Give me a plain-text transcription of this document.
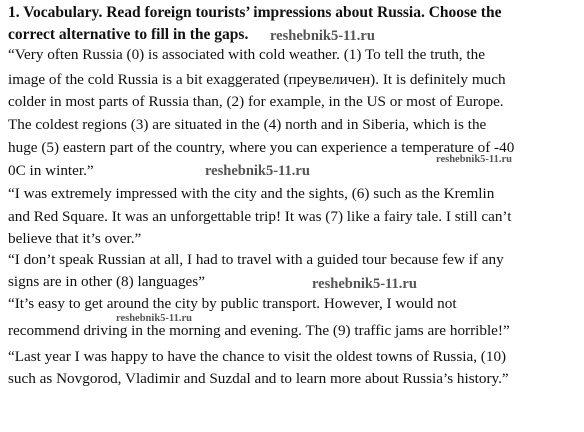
1. Vocabulary. Read foreign tourists’ impressions about Russia. Choose the
correct alternative to fill in the gaps.

“Very often Russia (0) is associated with cold weather. (1) To tell the truth, the

image of the cold Russia is a bit exaggerated (преувеличен). It is definitely much

colder in most parts of Russia than, (2) for example, in the US or most of Europe.

The coldest regions (3) are situated in the (4) north and in Siberia, which is the

huge (5) eastern part of the country, where you can experience a temperature of -40

0C in winter.”

“I was extremely impressed with the city and the sights, (6) such as the Kremlin

and Red Square. It was an unforgettable trip! It was (7) like a fairy tale. I still can’t

believe that it’s over.”

“I don’t speak Russian at all, I had to travel with a guided tour because few if any

signs are in other (8) languages”

“It’s easy to get around the city by public transport. However, I would not

recommend driving in the morning and evening. The (9) traffic jams are horrible!”

“Last year I was happy to have the chance to visit the oldest towns of Russia, (10)

such as Novgorod, Vladimir and Suzdal and to learn more about Russia’s history.”

reshebnik5-11.ru
reshebnik5-11.ru
reshebnik5-11.ru
reshebnik5-11.ru
reshebnik5-11.ru
